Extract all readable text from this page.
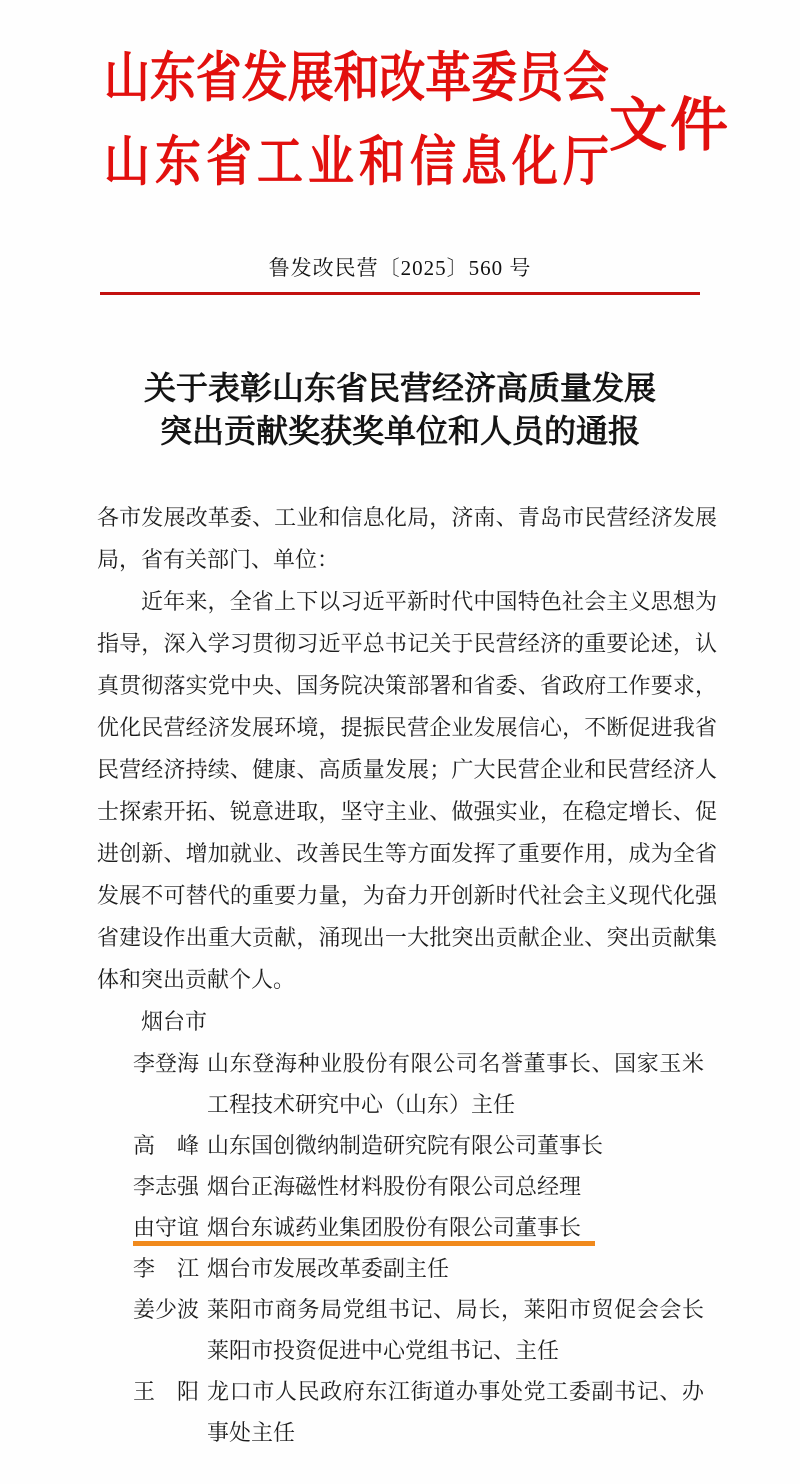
山东省发展和改革委员会
山东省工业和信息化厅
文件
鲁发改民营〔2025〕560 号
关于表彰山东省民营经济高质量发展
突出贡献奖获奖单位和人员的通报

各市发展改革委、工业和信息化局，济南、青岛市民营经济发展局，省有关部门、单位：

近年来，全省上下以习近平新时代中国特色社会主义思想为指导，深入学习贯彻习近平总书记关于民营经济的重要论述，认真贯彻落实党中央、国务院决策部署和省委、省政府工作要求，优化民营经济发展环境，提振民营企业发展信心，不断促进我省民营经济持续、健康、高质量发展；广大民营企业和民营经济人士探索开拓、锐意进取，坚守主业、做强实业，在稳定增长、促进创新、增加就业、改善民生等方面发挥了重要作用，成为全省发展不可替代的重要力量，为奋力开创新时代社会主义现代化强省建设作出重大贡献，涌现出一大批突出贡献企业、突出贡献集体和突出贡献个人。

烟台市
李登海 山东登海种业股份有限公司名誉董事长、国家玉米工程技术研究中心（山东）主任
高　峰 山东国创微纳制造研究院有限公司董事长
李志强 烟台正海磁性材料股份有限公司总经理
由守谊 烟台东诚药业集团股份有限公司董事长
李　江 烟台市发展改革委副主任
姜少波 莱阳市商务局党组书记、局长，莱阳市贸促会会长莱阳市投资促进中心党组书记、主任
王　阳 龙口市人民政府东江街道办事处党工委副书记、办事处主任
